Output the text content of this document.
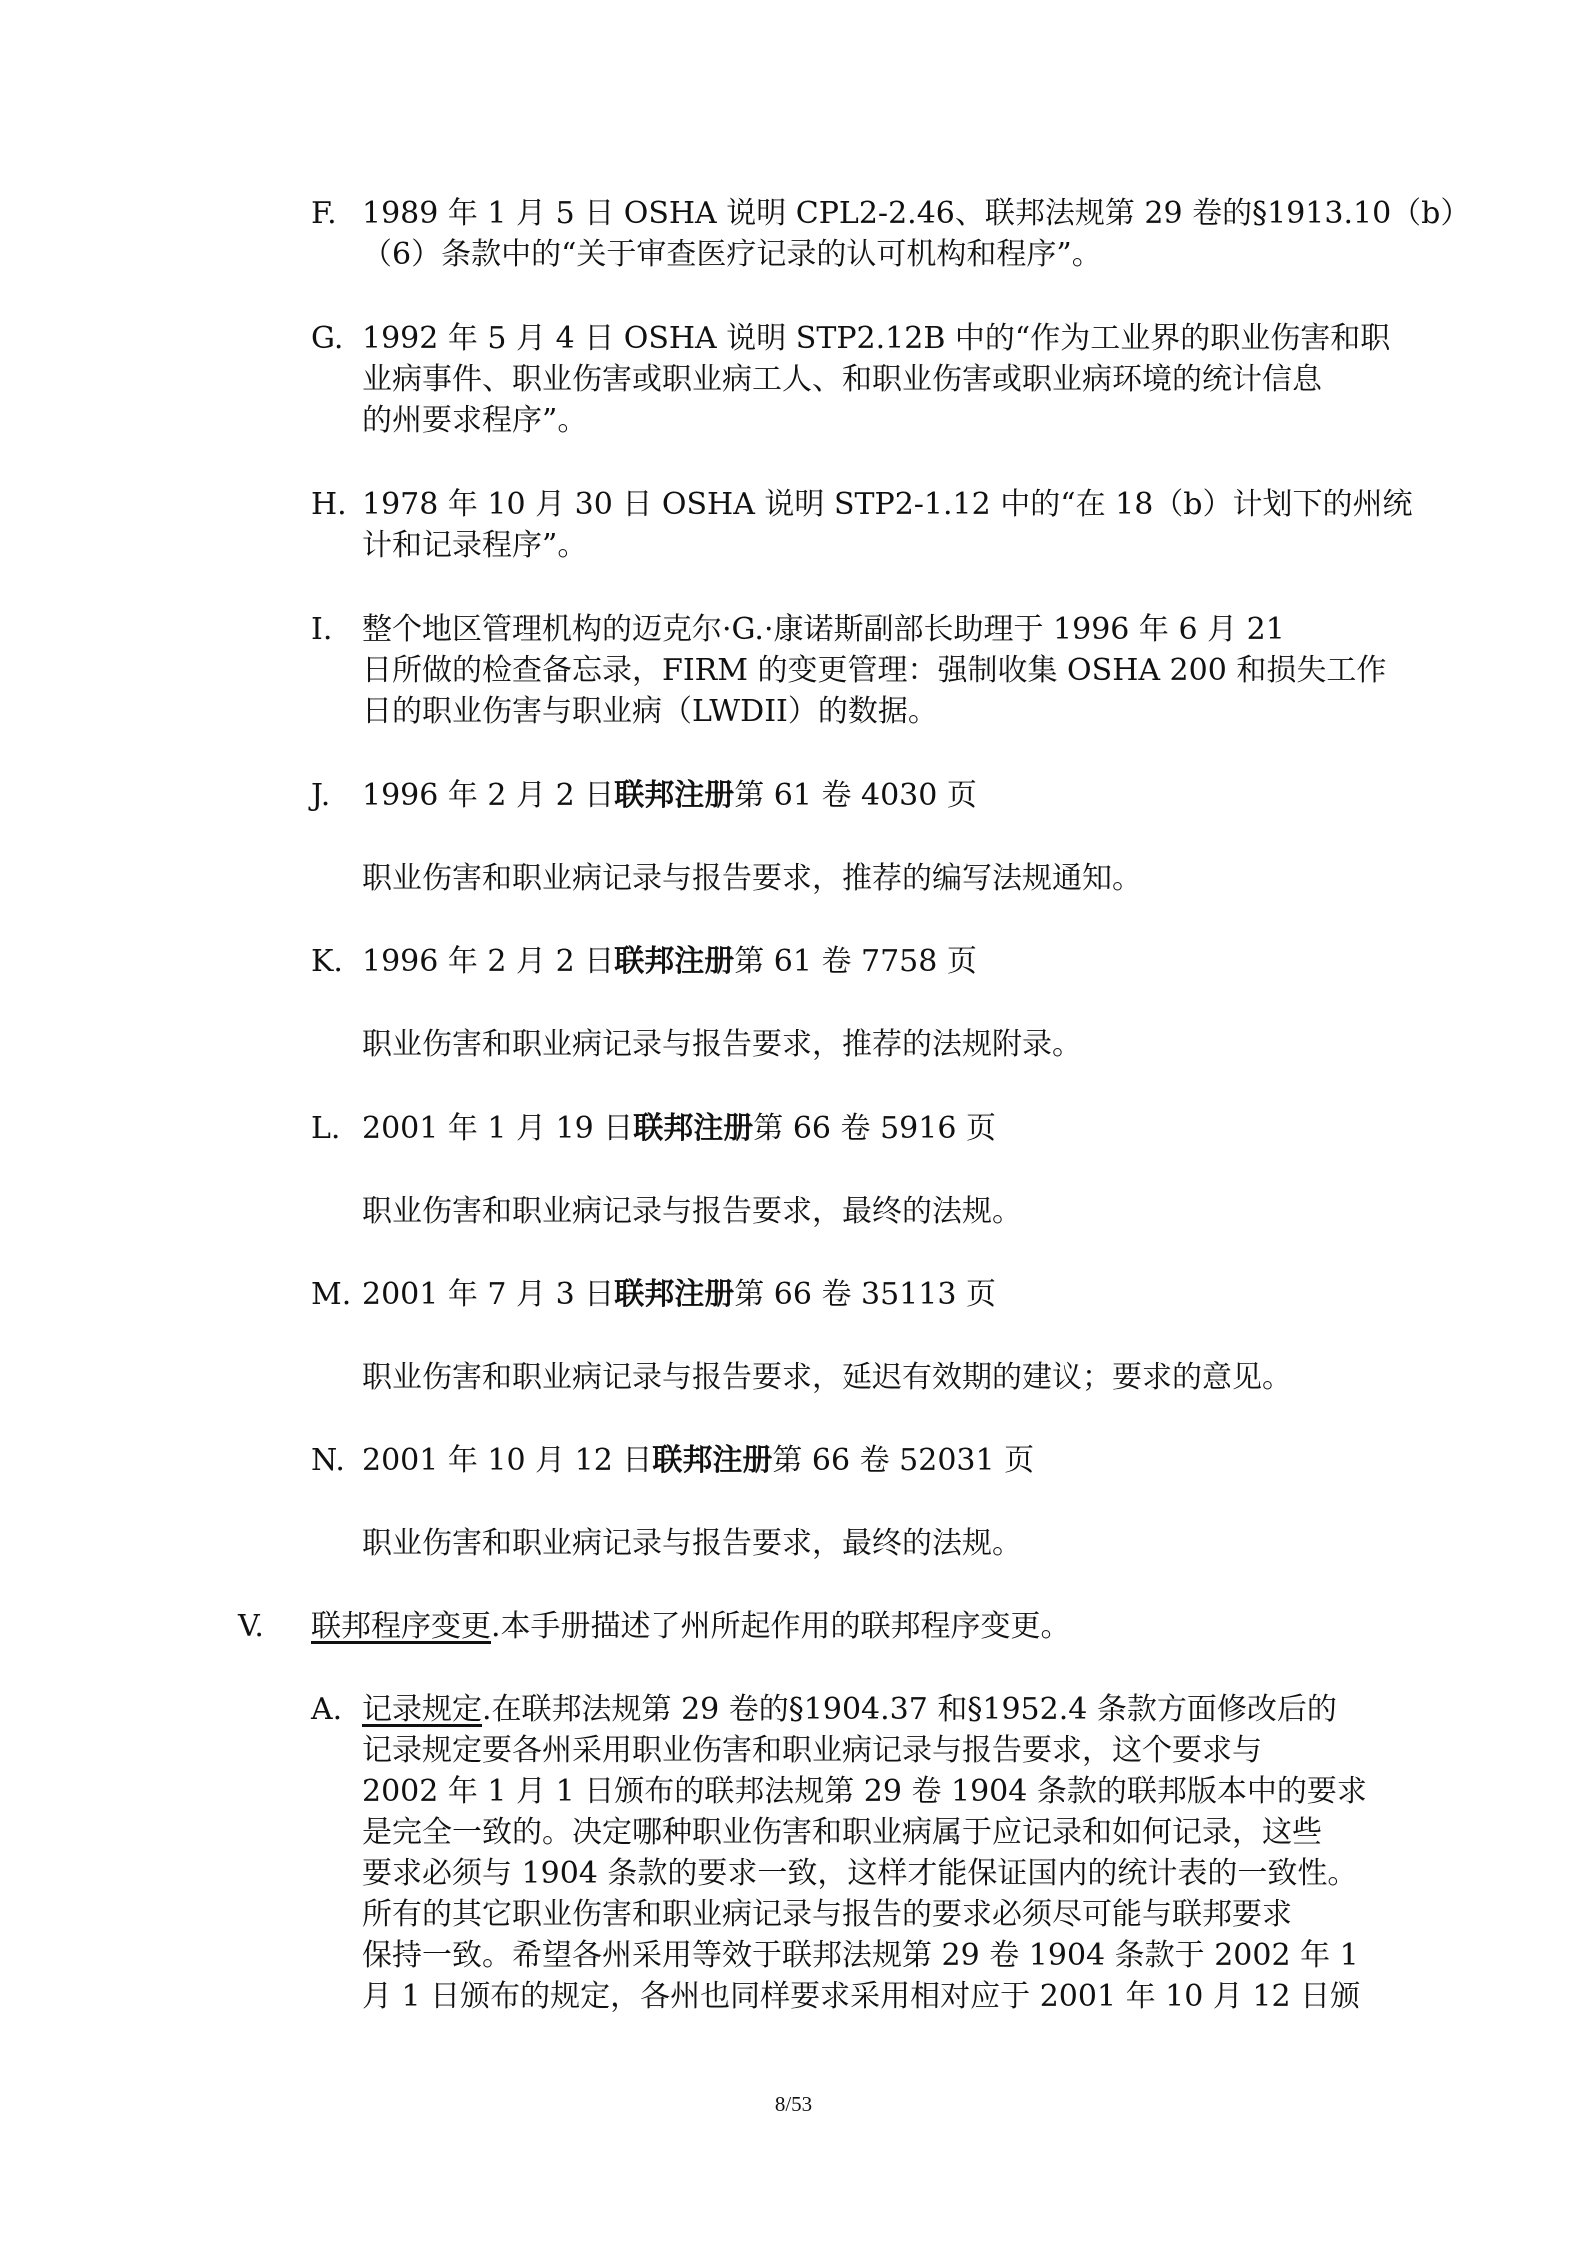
F. 1989 年 1 月 5 日 OSHA 说明 CPL2-2.46、联邦法规第 29 卷的§1913.10（b）
（6）条款中的“关于审查医疗记录的认可机构和程序”。
G. 1992 年 5 月 4 日 OSHA 说明 STP2.12B 中的“作为工业界的职业伤害和职
业病事件、职业伤害或职业病工人、和职业伤害或职业病环境的统计信息
的州要求程序”。
H. 1978 年 10 月 30 日 OSHA 说明 STP2-1.12 中的“在 18（b）计划下的州统
计和记录程序”。
I. 整个地区管理机构的迈克尔·G.·康诺斯副部长助理于 1996 年 6 月 21
日所做的检查备忘录，FIRM 的变更管理：强制收集 OSHA 200 和损失工作
日的职业伤害与职业病（LWDII）的数据。
J. 1996 年 2 月 2 日联邦注册第 61 卷 4030 页
职业伤害和职业病记录与报告要求，推荐的编写法规通知。
K. 1996 年 2 月 2 日联邦注册第 61 卷 7758 页
职业伤害和职业病记录与报告要求，推荐的法规附录。
L. 2001 年 1 月 19 日联邦注册第 66 卷 5916 页
职业伤害和职业病记录与报告要求，最终的法规。
M. 2001 年 7 月 3 日联邦注册第 66 卷 35113 页
职业伤害和职业病记录与报告要求，延迟有效期的建议；要求的意见。
N. 2001 年 10 月 12 日联邦注册第 66 卷 52031 页
职业伤害和职业病记录与报告要求，最终的法规。
V. 联邦程序变更.本手册描述了州所起作用的联邦程序变更。
A. 记录规定.在联邦法规第 29 卷的§1904.37 和§1952.4 条款方面修改后的
记录规定要各州采用职业伤害和职业病记录与报告要求，这个要求与
2002 年 1 月 1 日颁布的联邦法规第 29 卷 1904 条款的联邦版本中的要求
是完全一致的。决定哪种职业伤害和职业病属于应记录和如何记录，这些
要求必须与 1904 条款的要求一致，这样才能保证国内的统计表的一致性。
所有的其它职业伤害和职业病记录与报告的要求必须尽可能与联邦要求
保持一致。希望各州采用等效于联邦法规第 29 卷 1904 条款于 2002 年 1
月 1 日颁布的规定，各州也同样要求采用相对应于 2001 年 10 月 12 日颁
8/53
